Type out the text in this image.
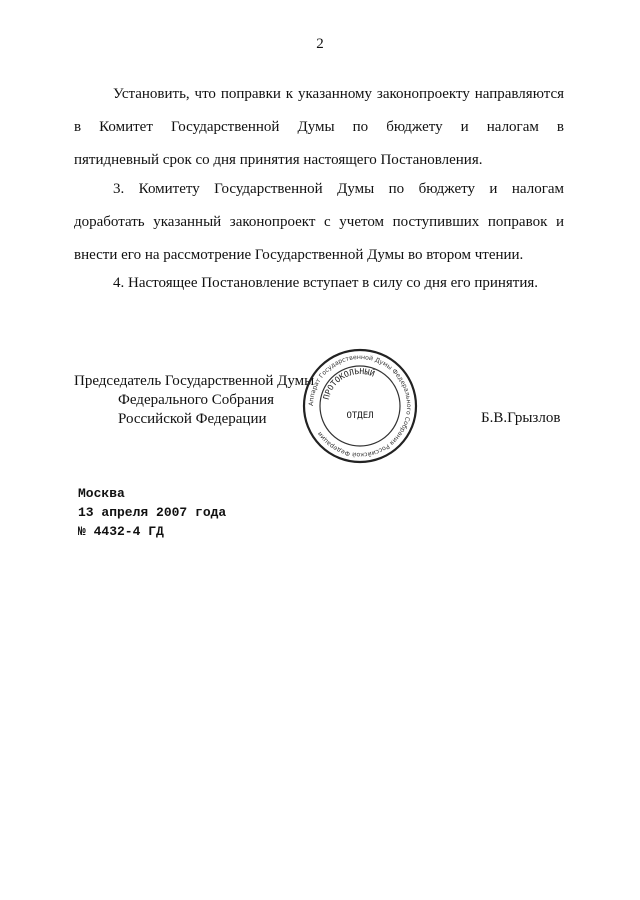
2
Установить, что поправки к указанному законопроекту направляются
в Комитет Государственной Думы по бюджету и налогам в
пятидневный срок со дня принятия настоящего Постановления.
3. Комитету Государственной Думы по бюджету и налогам
доработать указанный законопроект с учетом поступивших поправок и
внести его на рассмотрение Государственной Думы во втором чтении.
4. Настоящее Постановление вступает в силу со дня его принятия.
Председатель Государственной Думы
Федерального Собрания
Российской Федерации
Аппарат Государственной Думы Федерального Собрания Российской Федерации
ПРОТОКОЛЬНЫЙ
ОТДЕЛ	Б.В.Грызлов
Москва
13 апреля 2007 года
№ 4432-4 ГД
